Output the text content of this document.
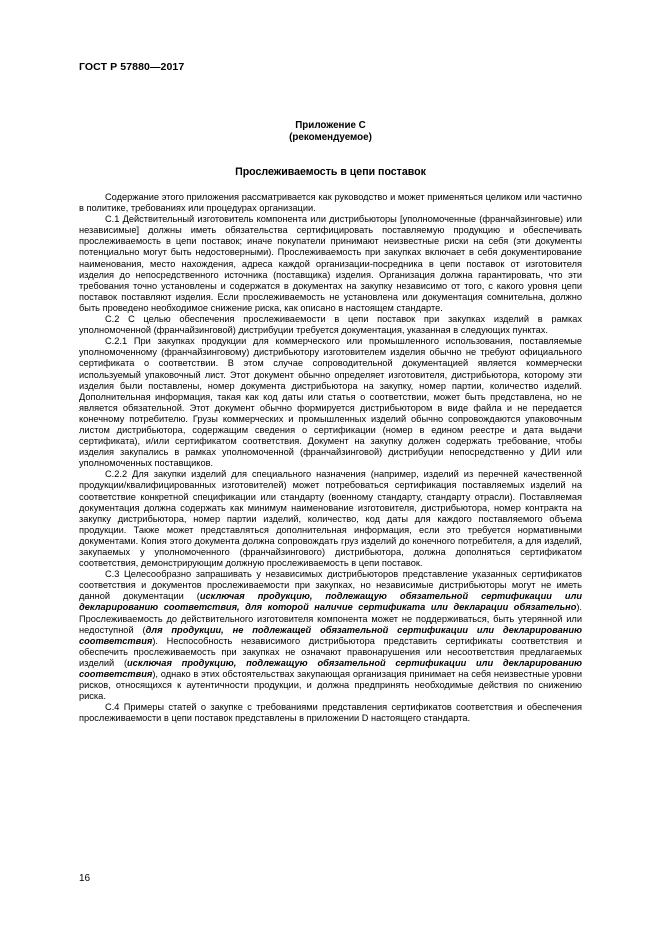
ГОСТ Р 57880—2017
Приложение С
(рекомендуемое)
Прослеживаемость в цепи поставок

Содержание этого приложения рассматривается как руководство и может применяться целиком или частично в политике, требованиях или процедурах организации.

С.1 Действительный изготовитель компонента или дистрибьюторы [уполномоченные (франчайзинговые) или независимые] должны иметь обязательства сертифицировать поставляемую продукцию и обеспечивать прослеживаемость в цепи поставок; иначе покупатели принимают неизвестные риски на себя (эти документы потенциально могут быть недостоверными). Прослеживаемость при закупках включает в себя документирование наименования, место нахождения, адреса каждой организации-посредника в цепи поставок от изготовителя изделия до непосредственного источника (поставщика) изделия. Организация должна гарантировать, что эти требования точно установлены и содержатся в документах на закупку независимо от того, с какого уровня цепи поставок поставляют изделия. Если прослеживаемость не установлена или документация сомнительна, должно быть проведено необходимое снижение риска, как описано в настоящем стандарте.

С.2 С целью обеспечения прослеживаемости в цепи поставок при закупках изделий в рамках уполномоченной (франчайзинговой) дистрибуции требуется документация, указанная в следующих пунктах.

С.2.1 При закупках продукции для коммерческого или промышленного использования, поставляемые уполномоченному (франчайзинговому) дистрибьютору изготовителем изделия обычно не требуют официального сертификата о соответствии. В этом случае сопроводительной документацией является коммерчески используемый упаковочный лист. Этот документ обычно определяет изготовителя, дистрибьютора, которому эти изделия были поставлены, номер документа дистрибьютора на закупку, номер партии, количество изделий. Дополнительная информация, такая как код даты или статья о соответствии, может быть представлена, но не является обязательной. Этот документ обычно формируется дистрибьютором в виде файла и не передается конечному потребителю. Грузы коммерческих и промышленных изделий обычно сопровождаются упаковочным листом дистрибьютора, содержащим сведения о сертификации (номер в едином реестре и дата выдачи сертификата), и/или сертификатом соответствия. Документ на закупку должен содержать требование, чтобы изделия закупались в рамках уполномоченной (франчайзинговой) дистрибуции непосредственно у ДИИ или уполномоченных поставщиков.

С.2.2 Для закупки изделий для специального назначения (например, изделий из перечней качественной продукции/квалифицированных изготовителей) может потребоваться сертификация поставляемых изделий на соответствие конкретной спецификации или стандарту (военному стандарту, стандарту отрасли). Поставляемая документация должна содержать как минимум наименование изготовителя, дистрибьютора, номер контракта на закупку дистрибьютора, номер партии изделий, количество, код даты для каждого поставляемого объема продукции. Также может представляться дополнительная информация, если это требуется нормативными документами. Копия этого документа должна сопровождать груз изделий до конечного потребителя, а для изделий, закупаемых у уполномоченного (франчайзингового) дистрибьютора, должна дополняться сертификатом соответствия, демонстрирующим должную прослеживаемость в цепи поставок.

С.3 Целесообразно запрашивать у независимых дистрибьюторов представление указанных сертификатов соответствия и документов прослеживаемости при закупках, но независимые дистрибьюторы могут не иметь данной документации (исключая продукцию, подлежащую обязательной сертификации или декларированию соответствия, для которой наличие сертификата или декларации обязательно). Прослеживаемость до действительного изготовителя компонента может не поддерживаться, быть утерянной или недоступной (для продукции, не подлежащей обязательной сертификации или декларированию соответствия). Неспособность независимого дистрибьютора представить сертификаты соответствия и обеспечить прослеживаемость при закупках не означают правонарушения или несоответствия предлагаемых изделий (исключая продукцию, подлежащую обязательной сертификации или декларированию соответствия), однако в этих обстоятельствах закупающая организация принимает на себя неизвестные уровни рисков, относящихся к аутентичности продукции, и должна предпринять необходимые действия по снижению риска.

С.4 Примеры статей о закупке с требованиями представления сертификатов соответствия и обеспечения прослеживаемости в цепи поставок представлены в приложении D настоящего стандарта.

16
